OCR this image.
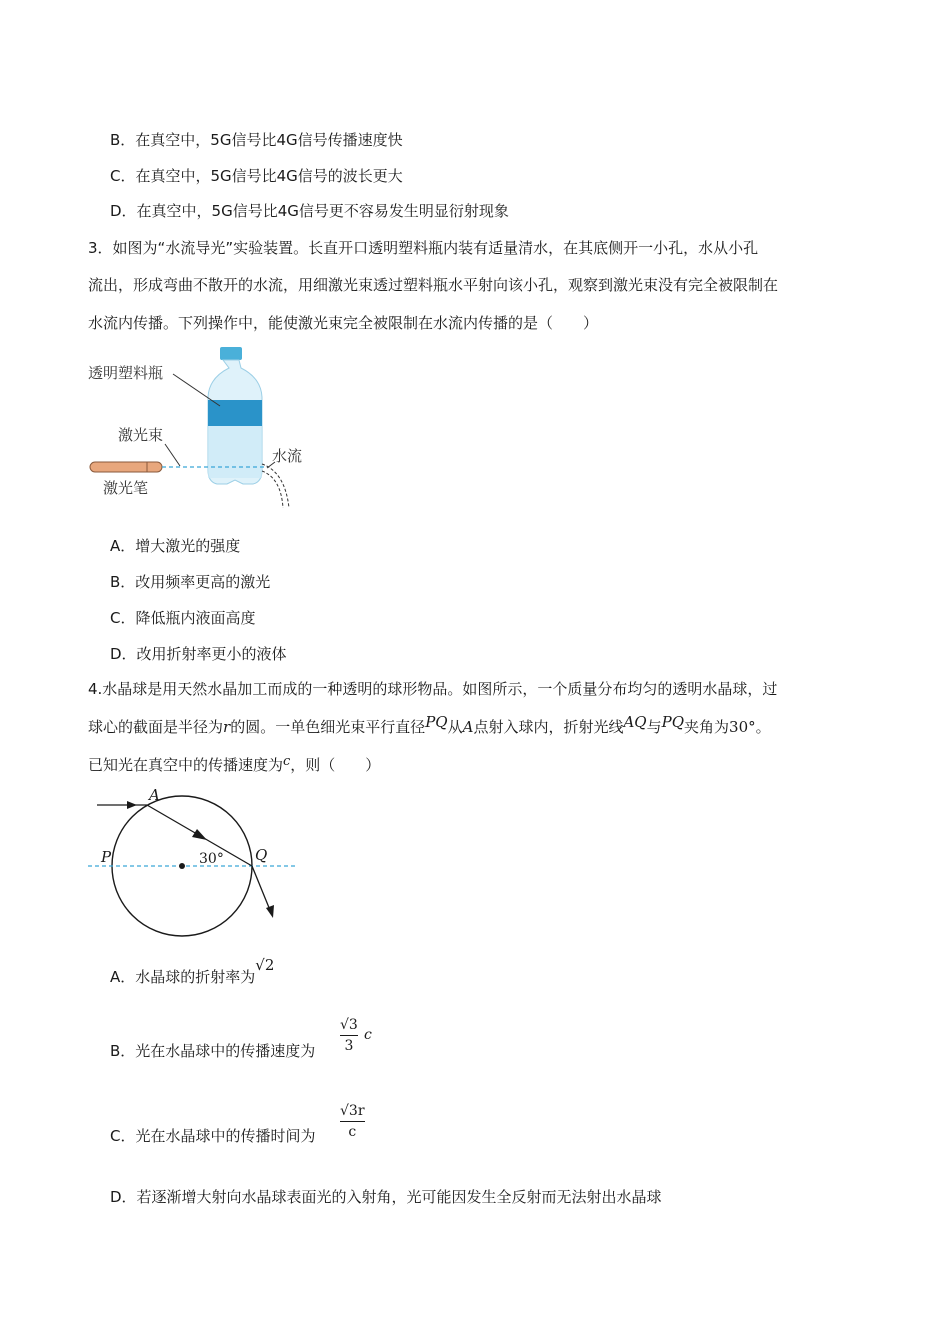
B．在真空中，5G信号比4G信号传播速度快
C．在真空中，5G信号比4G信号的波长更大
D．在真空中，5G信号比4G信号更不容易发生明显衍射现象
3．如图为“水流导光”实验装置。长直开口透明塑料瓶内装有适量清水，在其底侧开一小孔，水从小孔
流出，形成弯曲不散开的水流，用细激光束透过塑料瓶水平射向该小孔，观察到激光束没有完全被限制在
水流内传播。下列操作中，能使激光束完全被限制在水流内传播的是（　　）
透明塑料瓶
激光束
激光笔
水流
A．增大激光的强度
B．改用频率更高的激光
C．降低瓶内液面高度
D．改用折射率更小的液体
4.水晶球是用天然水晶加工而成的一种透明的球形物品。如图所示，一个质量分布均匀的透明水晶球，过
球心的截面是半径为r的圆。一单色细光束平行直径PQ从A点射入球内，折射光线AQ与PQ夹角为30°。
已知光在真空中的传播速度为c，则（　　）
A
P	Q
30°
A．水晶球的折射率为√2
B．光在水晶球中的传播速度为
√3
3
c
C．光在水晶球中的传播时间为
√3r
c
D．若逐渐增大射向水晶球表面光的入射角，光可能因发生全反射而无法射出水晶球
